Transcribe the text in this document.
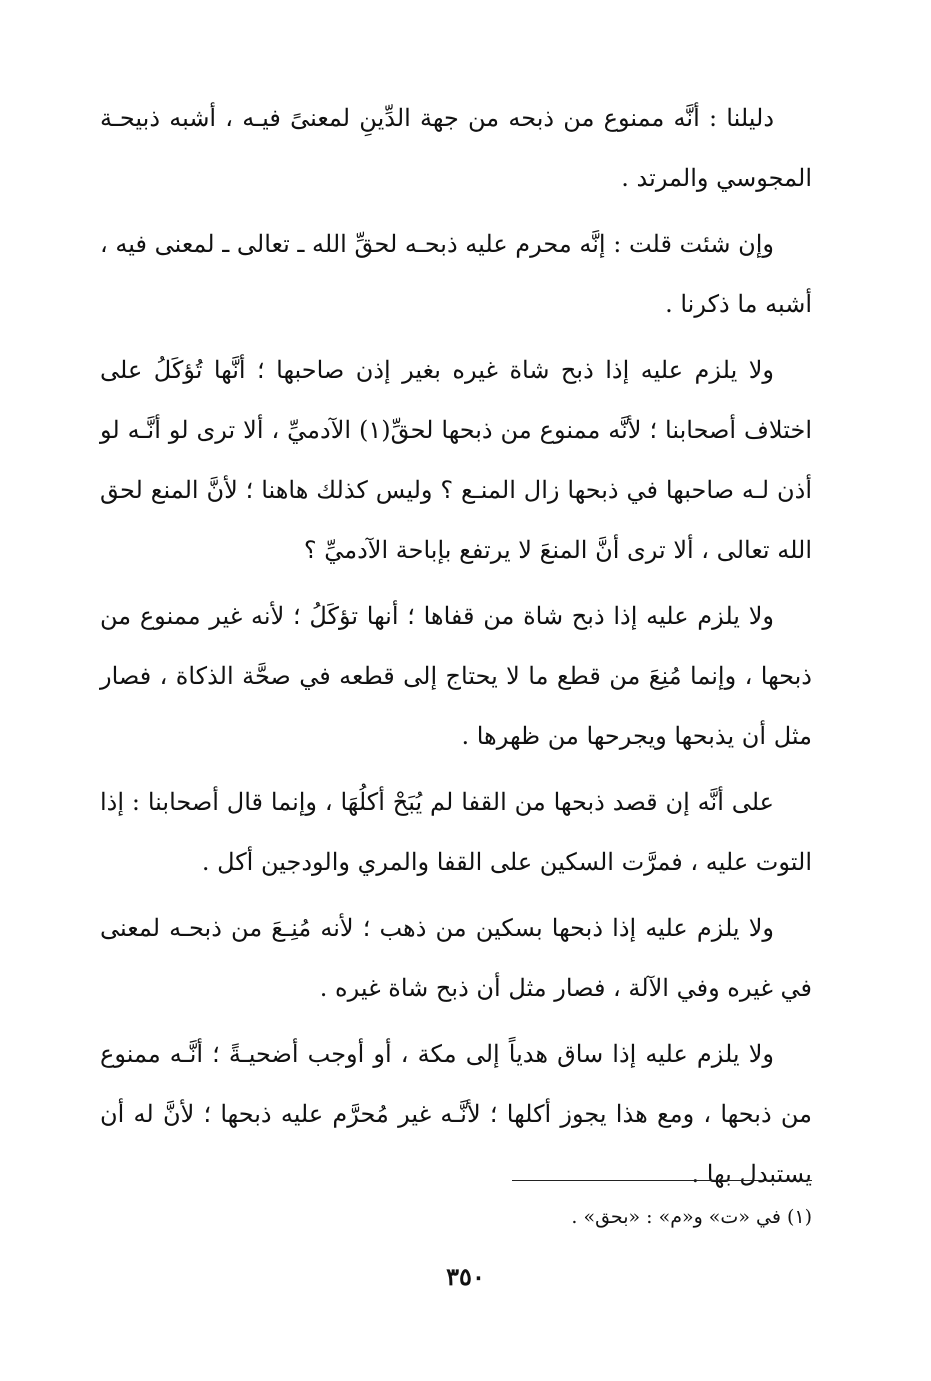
دليلنا : أنَّه ممنوع من ذبحه من جهة الدِّينِ لمعنىً فيـه ، أشبه ذبيحـة المجوسي والمرتد .

وإن شئت قلت : إنَّه محرم عليه ذبحـه لحقِّ الله ـ تعالى ـ لمعنى فيه ، أشبه ما ذكرنا .

ولا يلزم عليه إذا ذبح شاة غيره بغير إذن صاحبها ؛ أنَّها تُؤكَلُ على اختلاف أصحابنا ؛ لأنَّه ممنوع من ذبحها لحقِّ(١) الآدميِّ ، ألا ترى لو أنَّـه لو أذن لـه صاحبها في ذبحها زال المنـع ؟ وليس كذلك هاهنا ؛ لأنَّ المنع لحق الله تعالى ، ألا ترى أنَّ المنعَ لا يرتفع بإباحة الآدميِّ ؟

ولا يلزم عليه إذا ذبح شاة من قفاها ؛ أنها تؤكَلُ ؛ لأنه غير ممنوع من ذبحها ، وإنما مُنِعَ من قطع ما لا يحتاج إلى قطعه في صحَّة الذكاة ، فصار مثل أن يذبحها ويجرحها من ظهرها .

على أنَّه إن قصد ذبحها من القفا لم يُبَحْ أكلُهَا ، وإنما قال أصحابنا : إذا التوت عليه ، فمرَّت السكين على القفا والمري والودجين أكل .

ولا يلزم عليه إذا ذبحها بسكين من ذهب ؛ لأنه مُنِـعَ من ذبحـه لمعنى في غيره وفي الآلة ، فصار مثل أن ذبح شاة غيره .

ولا يلزم عليه إذا ساق هدياً إلى مكة ، أو أوجب أضحيـةً ؛ أنَّـه ممنوع من ذبحها ، ومع هذا يجوز أكلها ؛ لأنَّـه غير مُحرَّم عليه ذبحها ؛ لأنَّ له أن يستبدل بها .

(١) في «ت» و«م» : «بحق» .
٣٥٠
